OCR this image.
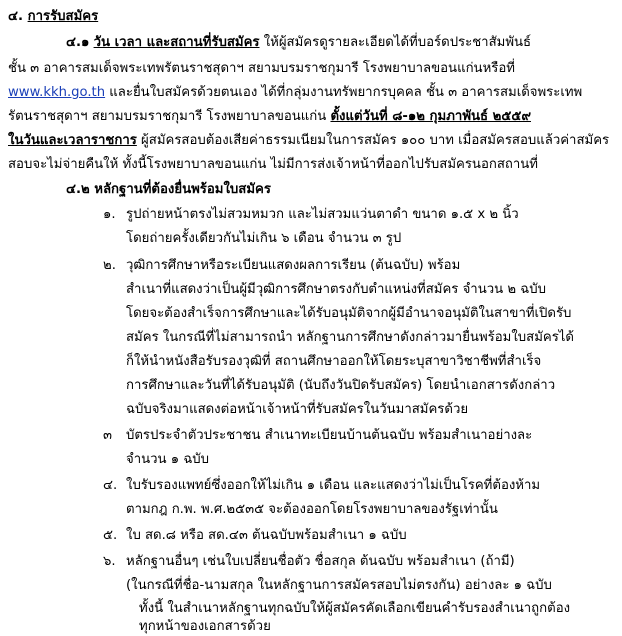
๔. การรับสมัคร
๔.๑ วัน เวลา และสถานที่รับสมัคร ให้ผู้สมัครดูรายละเอียดได้ที่บอร์ดประชาสัมพันธ์
ชั้น ๓ อาคารสมเด็จพระเทพรัตนราชสุดาฯ สยามบรมราชกุมารี โรงพยาบาลขอนแก่นหรือที่
www.kkh.go.th และยื่นใบสมัครด้วยตนเอง ได้ที่กลุ่มงานทรัพยากรบุคคล ชั้น ๓ อาคารสมเด็จพระเทพ
รัตนราชสุดาฯ สยามบรมราชกุมารี โรงพยาบาลขอนแก่น ตั้งแต่วันที่ ๘-๑๒ กุมภาพันธ์ ๒๕๕๙
ในวันและเวลาราชการ ผู้สมัครสอบต้องเสียค่าธรรมเนียมในการสมัคร ๑๐๐ บาท เมื่อสมัครสอบแล้วค่าสมัคร
สอบจะไม่จ่ายคืนให้ ทั้งนี้โรงพยาบาลขอนแก่น ไม่มีการส่งเจ้าหน้าที่ออกไปรับสมัครนอกสถานที่
๔.๒ หลักฐานที่ต้องยื่นพร้อมใบสมัคร
๑. รูปถ่ายหน้าตรงไม่สวมหมวก และไม่สวมแว่นตาดำ ขนาด ๑.๕ x ๒ นิ้ว
โดยถ่ายครั้งเดียวกันไม่เกิน ๖ เดือน จำนวน ๓ รูป
๒. วุฒิการศึกษาหรือระเบียนแสดงผลการเรียน (ต้นฉบับ) พร้อม
สำเนาที่แสดงว่าเป็นผู้มีวุฒิการศึกษาตรงกับตำแหน่งที่สมัคร จำนวน ๒ ฉบับ
โดยจะต้องสำเร็จการศึกษาและได้รับอนุมัติจากผู้มีอำนาจอนุมัติในสาขาที่เปิดรับ
สมัคร ในกรณีที่ไม่สามารถนำ หลักฐานการศึกษาดังกล่าวมายื่นพร้อมใบสมัครได้
ก็ให้นำหนังสือรับรองวุฒิที่ สถานศึกษาออกให้โดยระบุสาขาวิชาชีพที่สำเร็จ
การศึกษาและวันที่ได้รับอนุมัติ (นับถึงวันปิดรับสมัคร) โดยนำเอกสารดังกล่าว
ฉบับจริงมาแสดงต่อหน้าเจ้าหน้าที่รับสมัครในวันมาสมัครด้วย
๓ บัตรประจำตัวประชาชน สำเนาทะเบียนบ้านต้นฉบับ พร้อมสำเนาอย่างละ
จำนวน ๑ ฉบับ
๔. ใบรับรองแพทย์ซึ่งออกให้ไม่เกิน ๑ เดือน และแสดงว่าไม่เป็นโรคที่ต้องห้าม
ตามกฎ ก.พ. พ.ศ.๒๕๓๕ จะต้องออกโดยโรงพยาบาลของรัฐเท่านั้น
๕. ใบ สด.๘ หรือ สด.๔๓ ต้นฉบับพร้อมสำเนา ๑ ฉบับ
๖. หลักฐานอื่นๆ เช่นใบเปลี่ยนชื่อตัว ชื่อสกุล ต้นฉบับ พร้อมสำเนา (ถ้ามี)
(ในกรณีที่ชื่อ-นามสกุล ในหลักฐานการสมัครสอบไม่ตรงกัน) อย่างละ ๑ ฉบับ
ทั้งนี้ ในสำเนาหลักฐานทุกฉบับให้ผู้สมัครคัดเลือกเขียนคำรับรองสำเนาถูกต้อง
ทุกหน้าของเอกสารด้วย
